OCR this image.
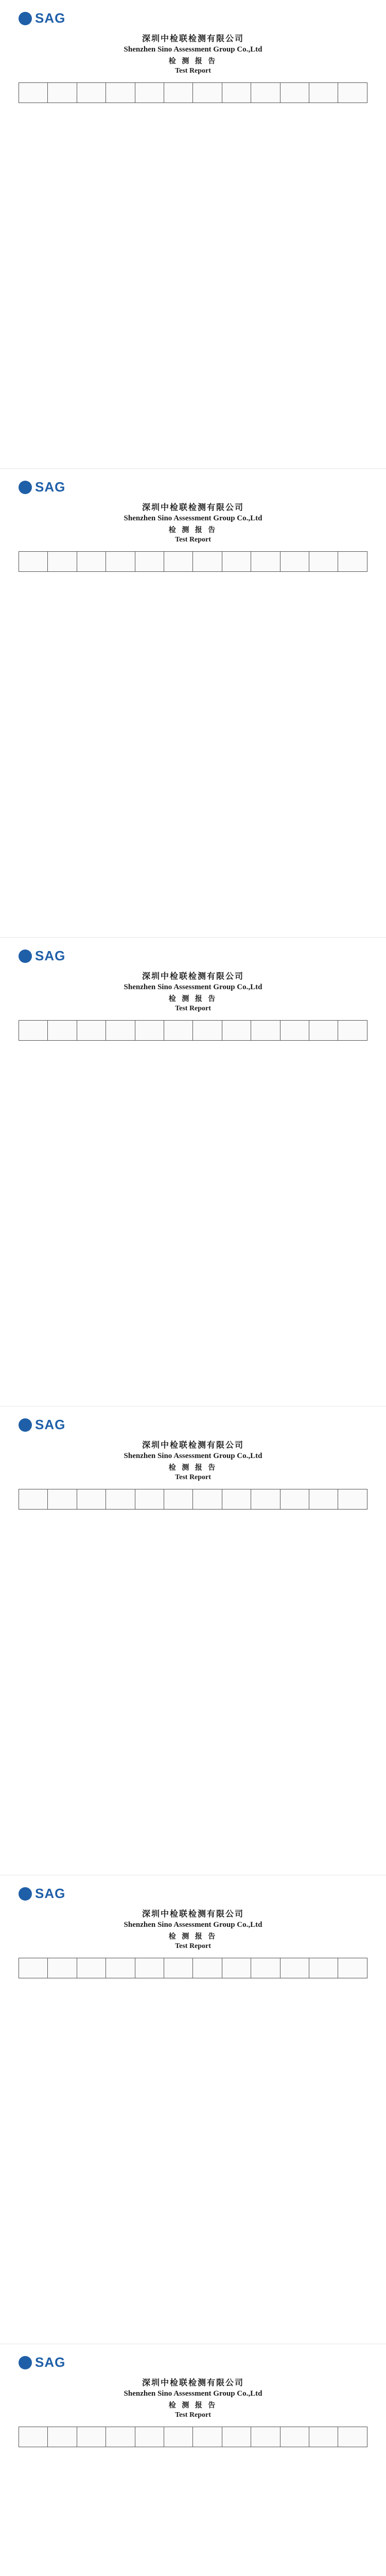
SAG
深圳中检联检测有限公司
Shenzhen Sino Assessment Group Co.,Ltd
检 测 报 告
Test Report

SAG
深圳中检联检测有限公司
Shenzhen Sino Assessment Group Co.,Ltd
检 测 报 告
Test Report

SAG
深圳中检联检测有限公司
Shenzhen Sino Assessment Group Co.,Ltd
检 测 报 告
Test Report

SAG
深圳中检联检测有限公司
Shenzhen Sino Assessment Group Co.,Ltd
检 测 报 告
Test Report

SAG
深圳中检联检测有限公司
Shenzhen Sino Assessment Group Co.,Ltd
检 测 报 告
Test Report

SAG
深圳中检联检测有限公司
Shenzhen Sino Assessment Group Co.,Ltd
检 测 报 告
Test Report
